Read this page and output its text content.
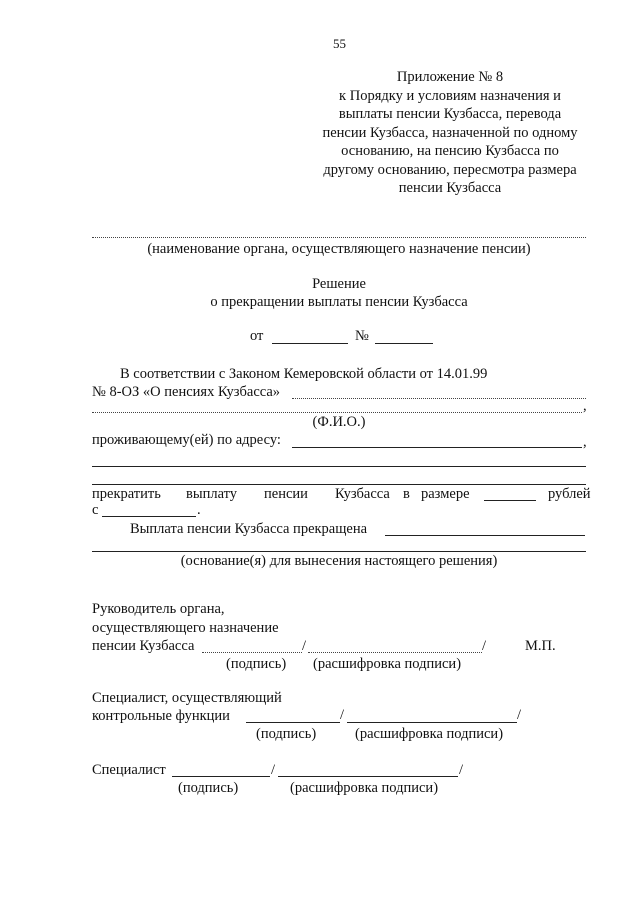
55
Приложение № 8
к Порядку и условиям назначения и
выплаты пенсии Кузбасса, перевода
пенсии Кузбасса, назначенной по одному
основанию, на пенсию Кузбасса по
другому основанию, пересмотра размера
пенсии Кузбасса
(наименование органа, осуществляющего назначение пенсии)
Решение
о прекращении выплаты пенсии Кузбасса
от	№
В соответствии с Законом Кемеровской области от 14.01.99
№ 8-ОЗ «О пенсиях Кузбасса»
,
(Ф.И.О.)
проживающему(ей) по адресу:	,
прекратить выплату пенсии Кузбасса в размере	рублей
с	.
Выплата пенсии Кузбасса прекращена
(основание(я) для вынесения настоящего решения)
Руководитель органа,
осуществляющего назначение
пенсии Кузбасса	/	/	М.П.
(подпись) (расшифровка подписи)
Специалист, осуществляющий
контрольные функции	/	/
(подпись)	(расшифровка подписи)
Специалист	/	/
(подпись)	(расшифровка подписи)
